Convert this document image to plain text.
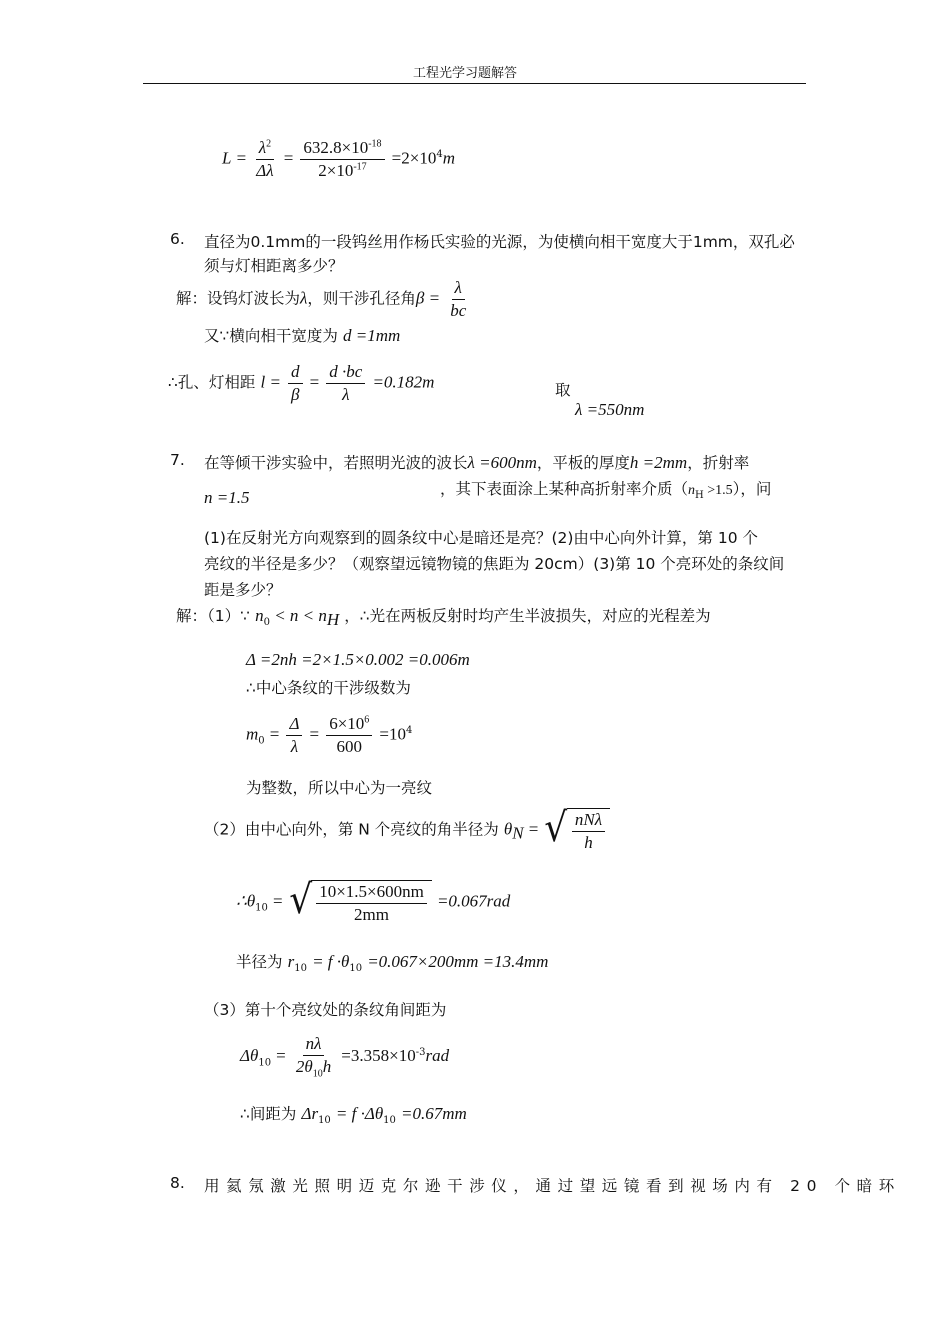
工程光学习题解答
$L = \frac{\lambda^2}{\Delta\lambda} = \frac{632.8\times 10^{-18}}{2\times 10^{-17}} =2\times 10^4m$
6. 直径为0.1mm的一段钨丝用作杨氏实验的光源，为使横向相干宽度大于1mm，双孔必
须与灯相距离多少？
解：设钨灯波长为λ，则干涉孔径角$\beta = \frac{\lambda}{bc}$
又∵横向相干宽度为 d =1mm
∴孔、灯相距 $l = \frac{d}{\beta} = \frac{d \cdot bc}{\lambda} =0.182m$	取
λ =550nm
7. 在等倾干涉实验中，若照明光波的波长λ =600nm，平板的厚度h =2mm，折射率
n =1.5	，其下表面涂上某种高折射率介质$(n_H >1.5)$，问
(1)在反射光方向观察到的圆条纹中心是暗还是亮？(2)由中心向外计算，第 10 个
亮纹的半径是多少？（观察望远镜物镜的焦距为 20cm）(3)第 10 个亮环处的条纹间
距是多少？
解：（1）∵ $n_0 < n < n_H$ ，∴光在两板反射时均产生半波损失，对应的光程差为
Δ =2nh =2×1.5×0.002 =0.006m
∴中心条纹的干涉级数为
$m_0 = \frac{\Delta}{\lambda} = \frac{6\times 10^6}{600} =10^4$
为整数，所以中心为一亮纹
（2）由中心向外，第 N 个亮纹的角半径为 $\theta_N$ = √ $\frac{\text{nNλ}}{h}$
$\therefore\theta_{10}$ = √ $\frac{10\times 1.5\times 600nm}{2mm} =0.067rad$
半径为 $r_{10} = f \cdot\theta_{10} =0.067\times 200mm =13.4mm$
（3）第十个亮纹处的条纹角间距为
$\Delta\theta_{10} = \frac{n\lambda}{2\theta_{10}h} =3.358\times 10^{-3}rad$
∴间距为 $\Delta r_{10} = f \cdot\Delta\theta_{10} =0.67mm$
8. 用氦氖激光照明迈克尔逊干涉仪，通过望远镜看到视场内有 20 个暗环
